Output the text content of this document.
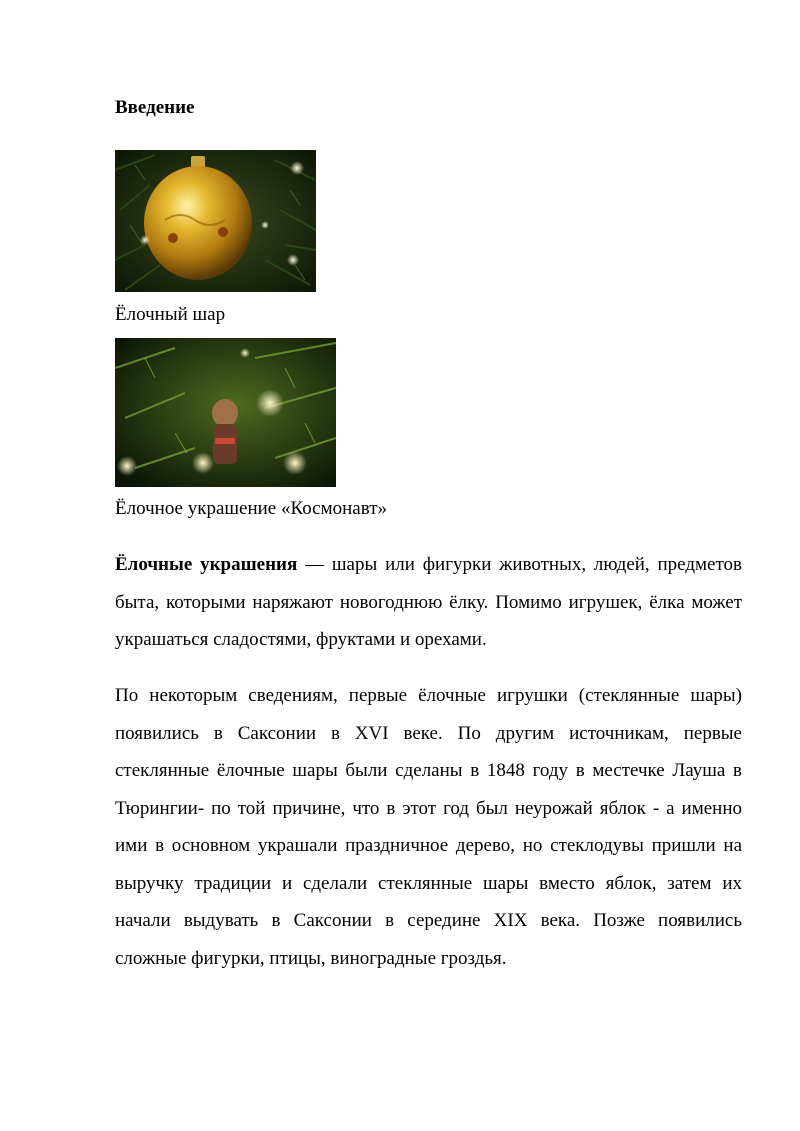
Введение
Ёлочный шар
Ёлочное украшение «Космонавт»

Ёлочные украшения — шары или фигурки животных, людей, предметов быта, которыми наряжают новогоднюю ёлку. Помимо игрушек, ёлка может украшаться сладостями, фруктами и орехами.

По некоторым сведениям, первые ёлочные игрушки (стеклянные шары) появились в Саксонии в XVI веке. По другим источникам, первые стеклянные ёлочные шары были сделаны в 1848 году в местечке Лауша в Тюрингии- по той причине, что в этот год был неурожай яблок - а именно ими в основном украшали праздничное дерево, но стеклодувы пришли на выручку традиции и сделали стеклянные шары вместо яблок, затем их начали выдувать в Саксонии в середине XIX века. Позже появились сложные фигурки, птицы, виноградные гроздья.
